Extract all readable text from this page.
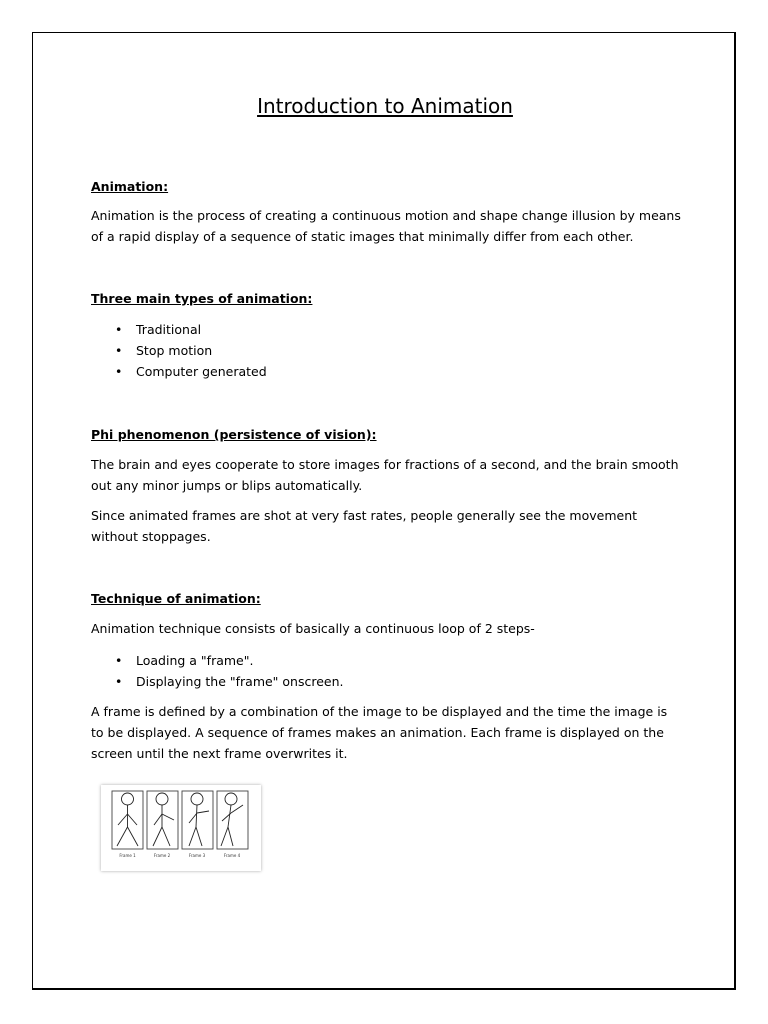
Introduction to Animation
Animation:

Animation is the process of creating a continuous motion and shape change illusion by means of a rapid display of a sequence of static images that minimally differ from each other.

Three main types of animation:
• Traditional
• Stop motion
• Computer generated
Phi phenomenon (persistence of vision):

The brain and eyes cooperate to store images for fractions of a second, and the brain smooth out any minor jumps or blips automatically.

Since animated frames are shot at very fast rates, people generally see the movement without stoppages.

Technique of animation:

Animation technique consists of basically a continuous loop of 2 steps-

• Loading a "frame".
• Displaying the "frame" onscreen.

A frame is defined by a combination of the image to be displayed and the time the image is to be displayed. A sequence of frames makes an animation. Each frame is displayed on the screen until the next frame overwrites it.

Frame 1	Frame 2	Frame 3	Frame 4
